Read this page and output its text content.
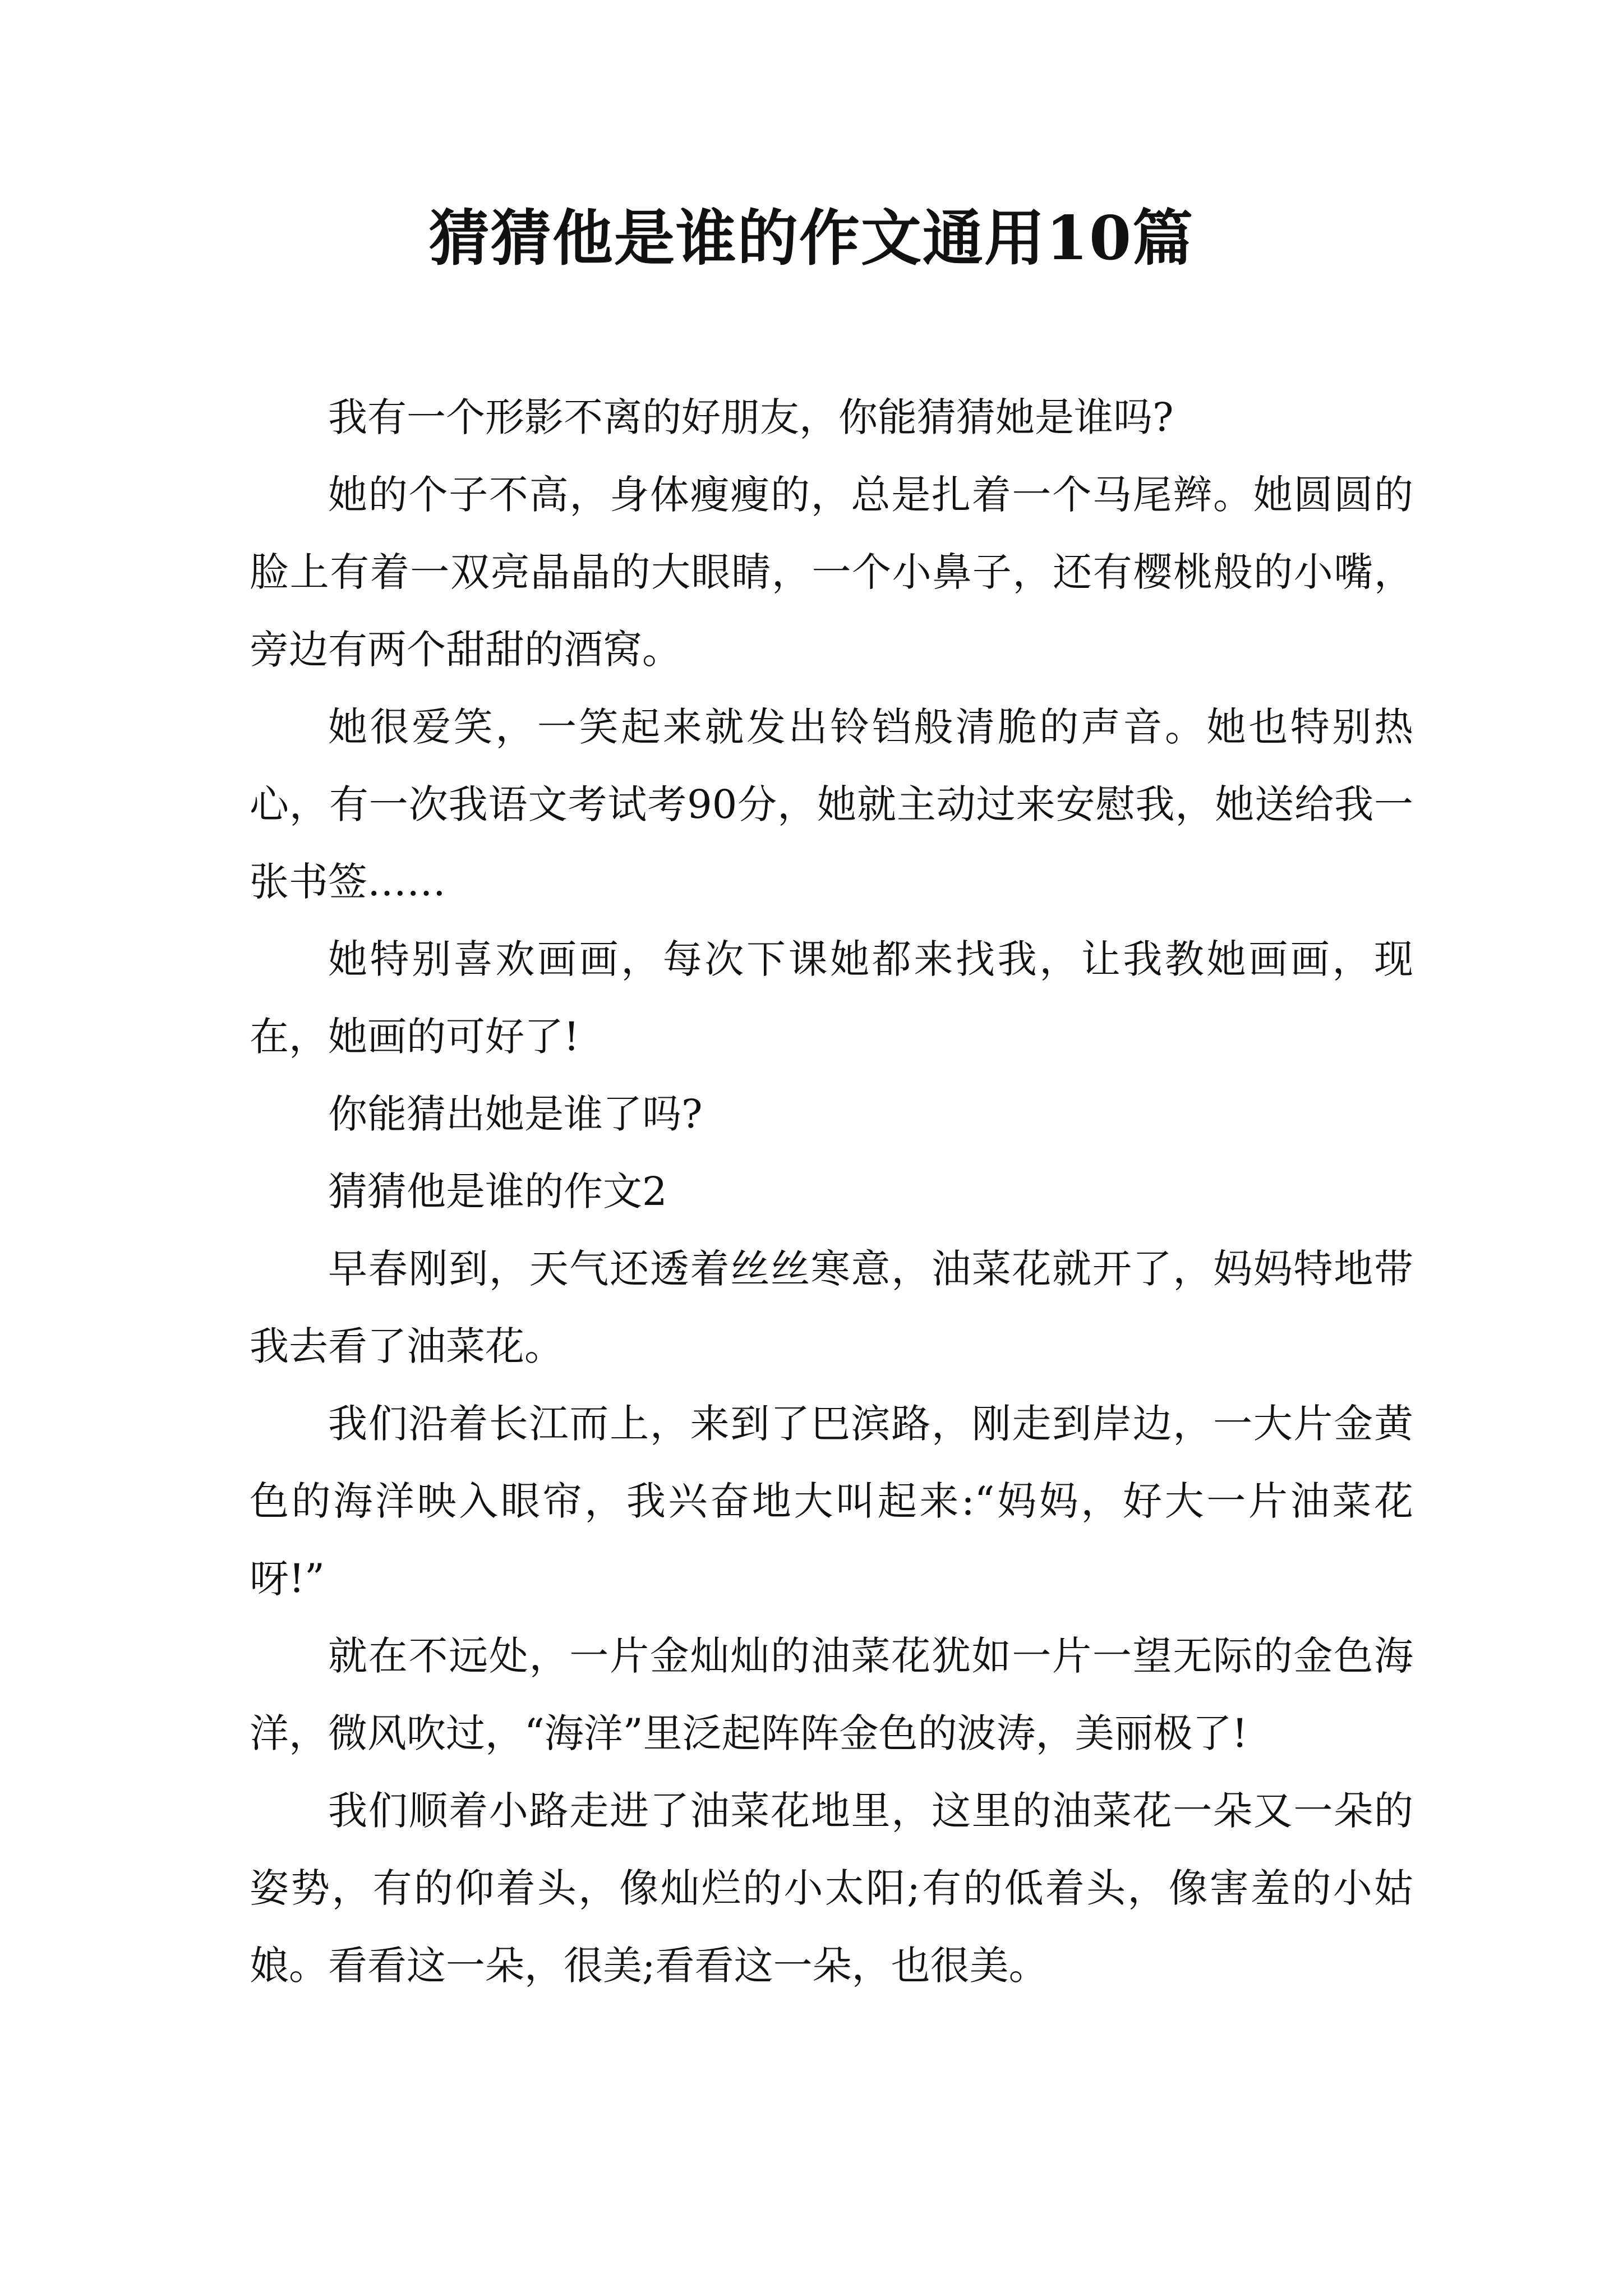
猜猜他是谁的作文通用10篇

我有一个形影不离的好朋友，你能猜猜她是谁吗?

她的个子不高，身体瘦瘦的，总是扎着一个马尾辫。她圆圆的脸上有着一双亮晶晶的大眼睛，一个小鼻子，还有樱桃般的小嘴，旁边有两个甜甜的酒窝。

她很爱笑，一笑起来就发出铃铛般清脆的声音。她也特别热心，有一次我语文考试考90分，她就主动过来安慰我，她送给我一张书签……

她特别喜欢画画，每次下课她都来找我，让我教她画画，现在，她画的可好了!

你能猜出她是谁了吗?

猜猜他是谁的作文2

早春刚到，天气还透着丝丝寒意，油菜花就开了，妈妈特地带我去看了油菜花。

我们沿着长江而上，来到了巴滨路，刚走到岸边，一大片金黄色的海洋映入眼帘，我兴奋地大叫起来:“妈妈，好大一片油菜花呀!”

就在不远处，一片金灿灿的油菜花犹如一片一望无际的金色海洋，微风吹过，“海洋”里泛起阵阵金色的波涛，美丽极了!

我们顺着小路走进了油菜花地里，这里的油菜花一朵又一朵的姿势，有的仰着头，像灿烂的小太阳;有的低着头，像害羞的小姑娘。看看这一朵，很美;看看这一朵，也很美。
